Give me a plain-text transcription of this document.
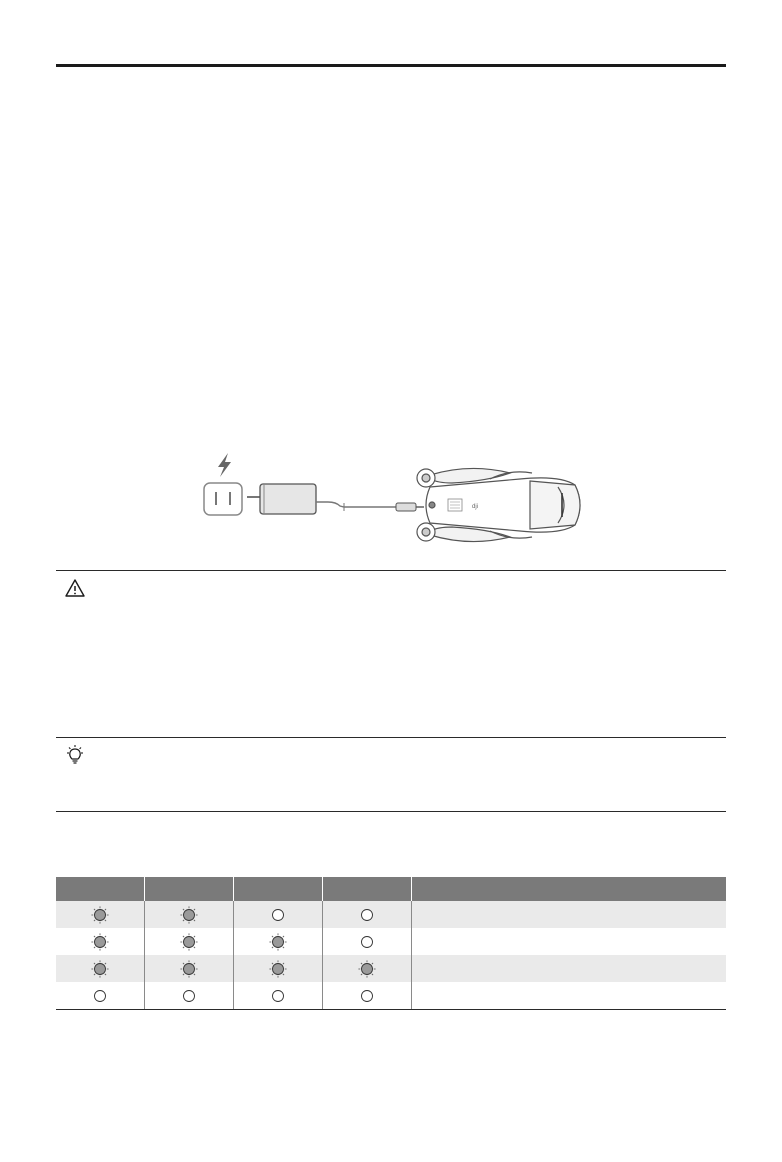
dji
